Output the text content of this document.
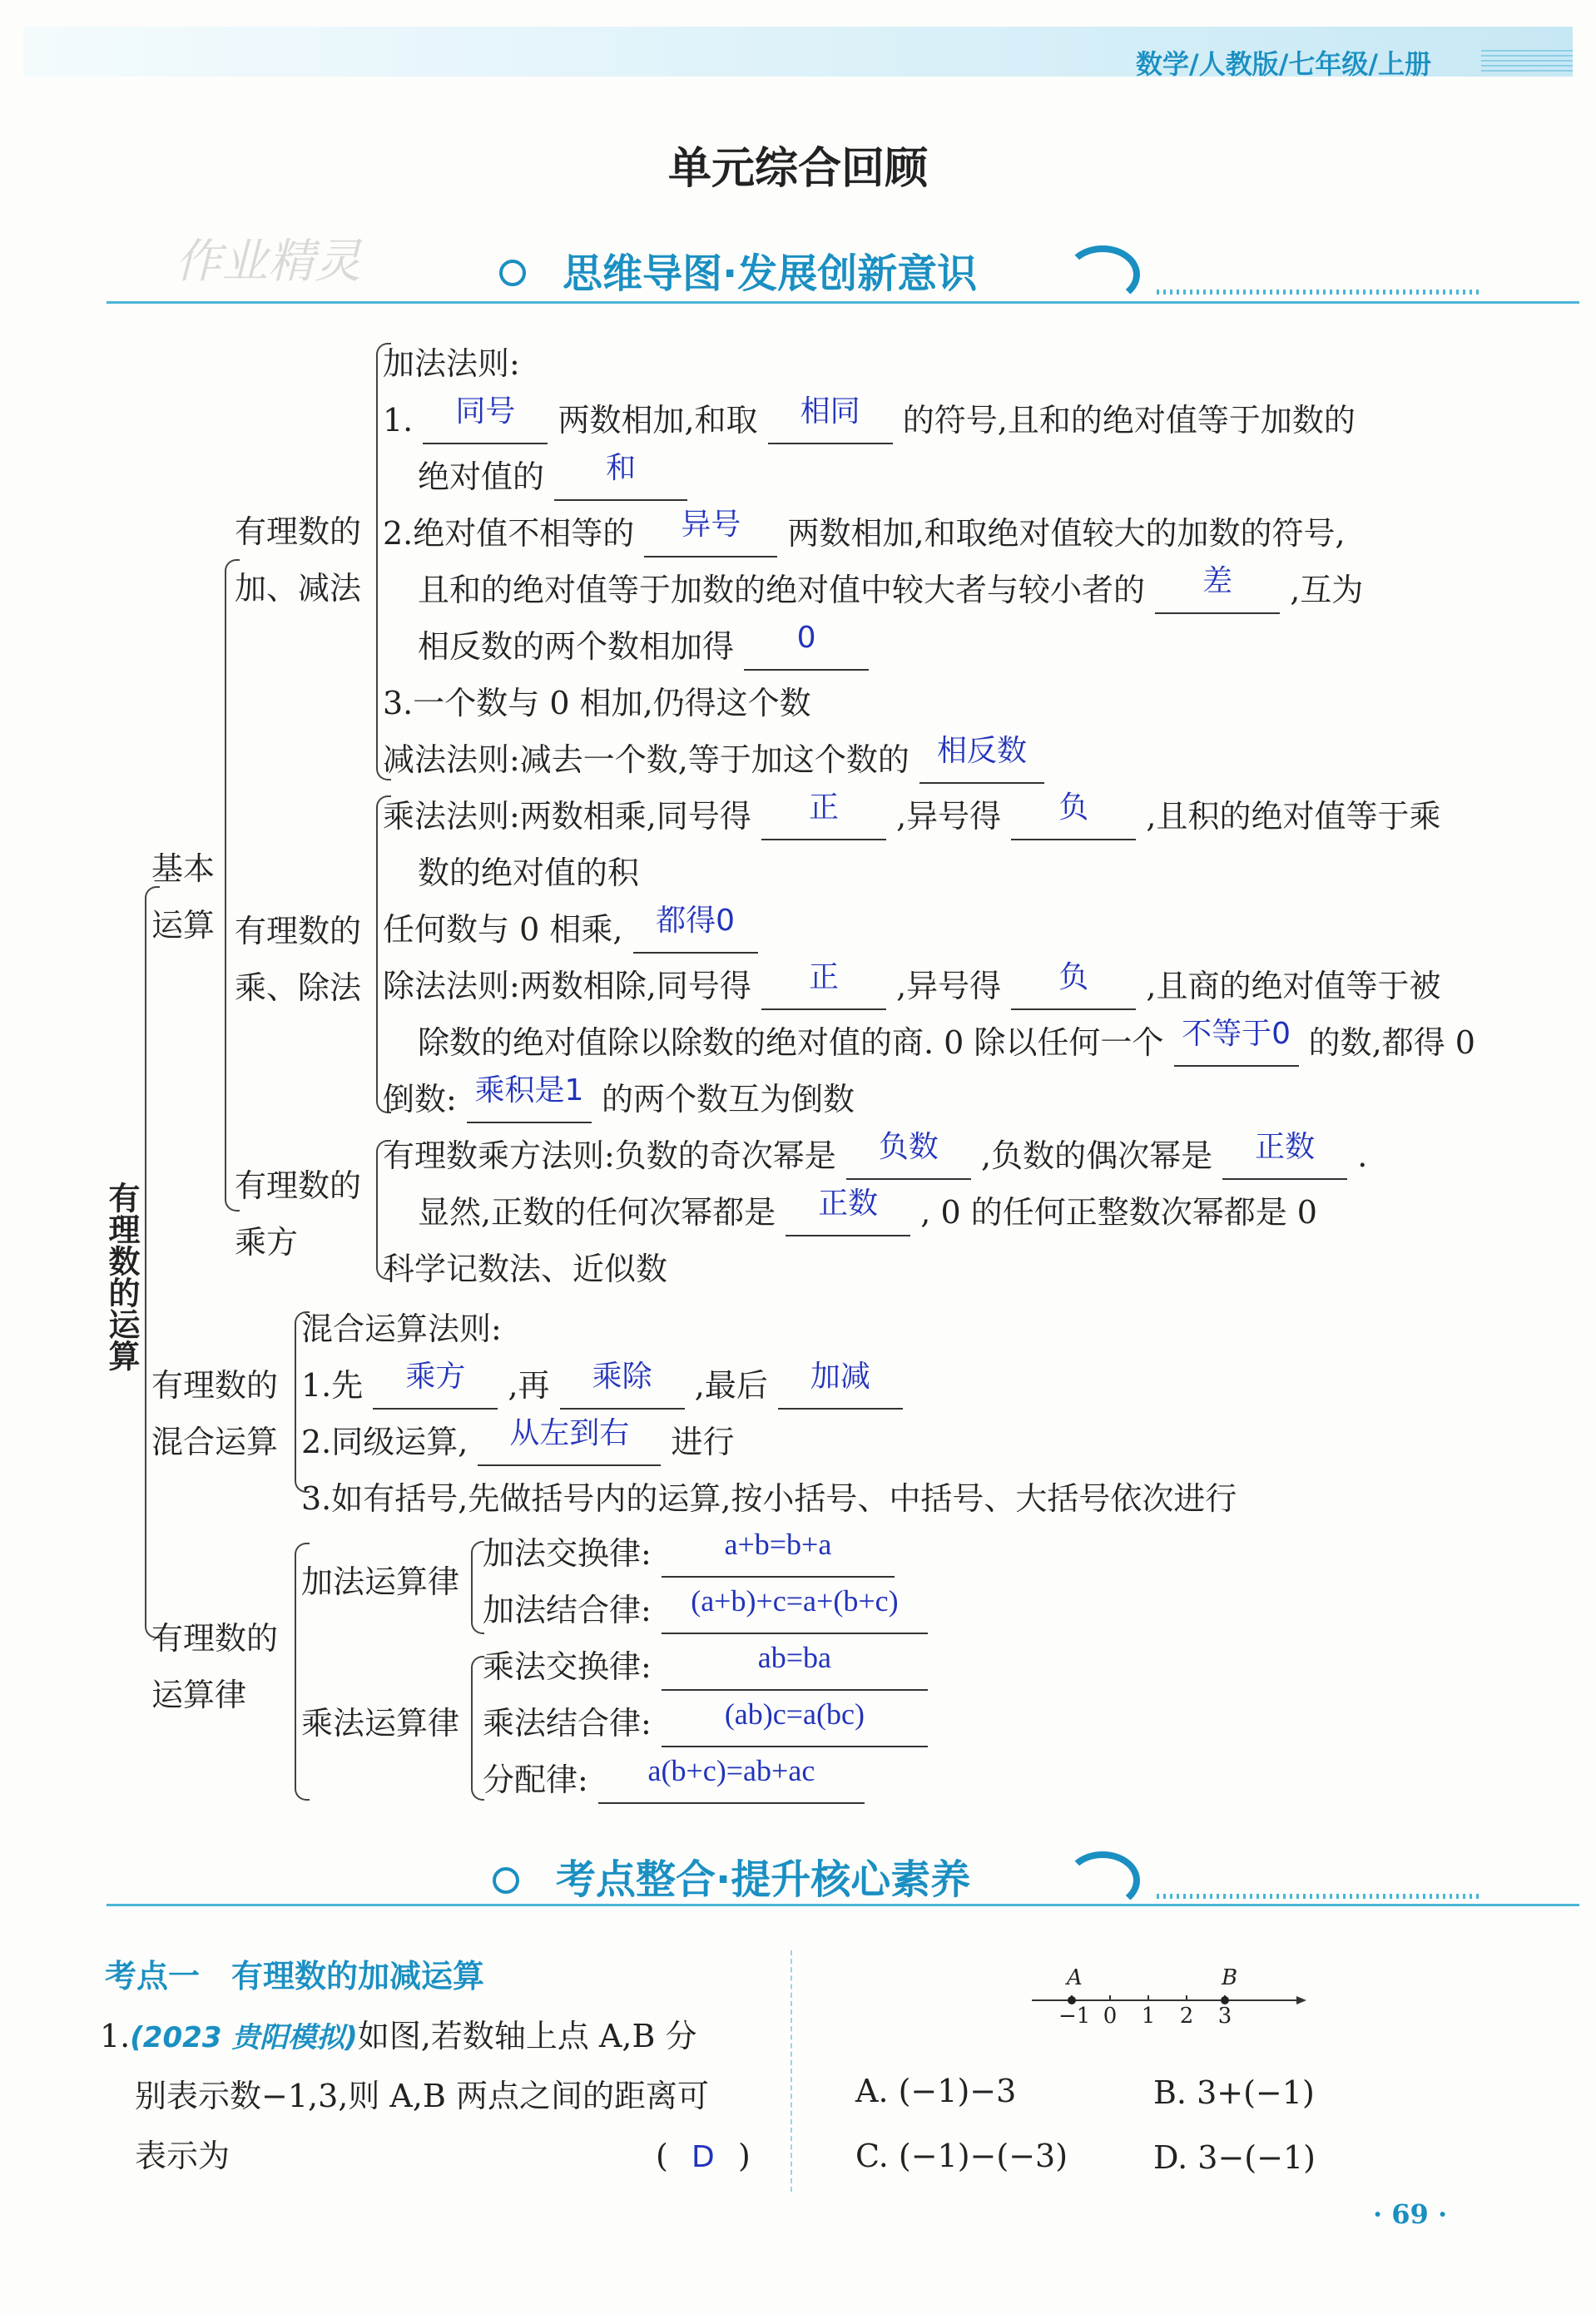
数学/人教版/七年级/上册
单元综合回顾
作业精灵	思维导图·发展创新意识
有理数的运算
基本运算
有理数的
加、减法
加法法则:
1. 同号 两数相加,和取 相同 的符号,且和的绝对值等于加数的
绝对值的 和
2.绝对值不相等的 异号 两数相加,和取绝对值较大的加数的符号,
且和的绝对值等于加数的绝对值中较大者与较小者的 差 ,互为
相反数的两个数相加得 0
3.一个数与 0 相加,仍得这个数
减法法则:减去一个数,等于加这个数的 相反数
有理数的
乘、除法
乘法法则:两数相乘,同号得 正 ,异号得 负 ,且积的绝对值等于乘
数的绝对值的积
任何数与 0 相乘, 都得0
除法法则:两数相除,同号得 正 ,异号得 负 ,且商的绝对值等于被
除数的绝对值除以除数的绝对值的商. 0 除以任何一个 不等于0 的数,都得 0
倒数: 乘积是1 的两个数互为倒数
有理数的
乘方
有理数乘方法则:负数的奇次幂是 负数 ,负数的偶次幂是 正数 .
显然,正数的任何次幂都是 正数 , 0 的任何正整数次幂都是 0
科学记数法、近似数
有理数的
混合运算
混合运算法则:
1.先 乘方 ,再 乘除 ,最后 加减
2.同级运算, 从左到右 进行
3.如有括号,先做括号内的运算,按小括号、中括号、大括号依次进行
有理数的
运算律
加法运算律
加法交换律: a+b=b+a
加法结合律: (a+b)+c=a+(b+c)
乘法运算律
乘法交换律:	ab=ba
乘法结合律: (ab)c=a(bc)
分配律: a(b+c)=ab+ac
考点整合·提升核心素养
考点一　有理数的加减运算
1.(2023 贵阳模拟)如图,若数轴上点 A,B 分
别表示数−1,3,则 A,B 两点之间的距离可
表示为	( D )
A	B
−1 0 1 2 3
A. (−1)−3	B. 3+(−1)
C. (−1)−(−3)	D. 3−(−1)
· 69 ·
